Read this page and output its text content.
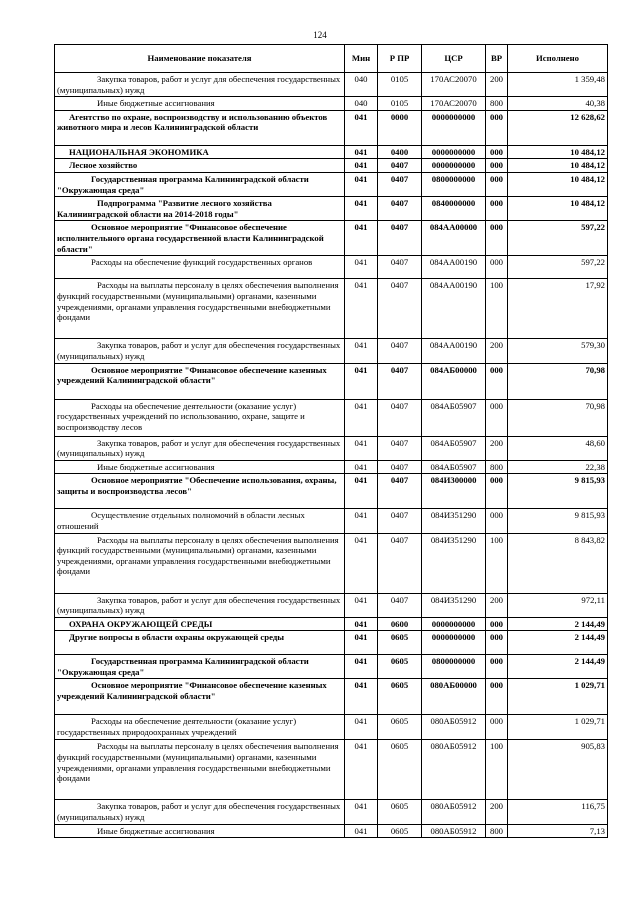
124
Наименование показателя	Мин	Р ПР	ЦСР	ВР	Исполнено
Закупка товаров, работ и услуг для обеспечения государственных (муниципальных) нужд	040	0105	170АС20070	200	1 359,48
Иные бюджетные ассигнования	040	0105	170АС20070	800	40,38
Агентство по охране, воспроизводству и использованию объектов животного мира и лесов Калининградской области	041	0000	0000000000	000	12 628,62
НАЦИОНАЛЬНАЯ ЭКОНОМИКА	041	0400	0000000000	000	10 484,12
Лесное хозяйство	041	0407	0000000000	000	10 484,12
Государственная программа Калининградской области "Окружающая среда"	041	0407	0800000000	000	10 484,12
Подпрограмма "Развитие лесного хозяйства Калининградской области на 2014-2018 годы"	041	0407	0840000000	000	10 484,12
Основное мероприятие "Финансовое обеспечение исполнительного органа государственной власти Калининградской области"	041	0407	084АА00000	000	597,22
Расходы на обеспечение функций государственных органов	041	0407	084АА00190	000	597,22
Расходы на выплаты персоналу в целях обеспечения выполнения функций государственными (муниципальными) органами, казенными учреждениями, органами управления государственными внебюджетными фондами	041	0407	084АА00190	100	17,92
Закупка товаров, работ и услуг для обеспечения государственных (муниципальных) нужд	041	0407	084АА00190	200	579,30
Основное мероприятие "Финансовое обеспечение казенных учреждений Калининградской области"	041	0407	084АБ00000	000	70,98
Расходы на обеспечение деятельности (оказание услуг) государственных учреждений по использованию, охране, защите и воспроизводству лесов	041	0407	084АБ05907	000	70,98
Закупка товаров, работ и услуг для обеспечения государственных (муниципальных) нужд	041	0407	084АБ05907	200	48,60
Иные бюджетные ассигнования	041	0407	084АБ05907	800	22,38
Основное мероприятие "Обеспечение использования, охраны, защиты и воспроизводства лесов"	041	0407	084И300000	000	9 815,93
Осуществление отдельных полномочий в области лесных отношений	041	0407	084И351290	000	9 815,93
Расходы на выплаты персоналу в целях обеспечения выполнения функций государственными (муниципальными) органами, казенными учреждениями, органами управления государственными внебюджетными фондами	041	0407	084И351290	100	8 843,82
Закупка товаров, работ и услуг для обеспечения государственных (муниципальных) нужд	041	0407	084И351290	200	972,11
ОХРАНА ОКРУЖАЮЩЕЙ СРЕДЫ	041	0600	0000000000	000	2 144,49
Другие вопросы в области охраны окружающей среды	041	0605	0000000000	000	2 144,49
Государственная программа Калининградской области "Окружающая среда"	041	0605	0800000000	000	2 144,49
Основное мероприятие "Финансовое обеспечение казенных учреждений Калининградской области"	041	0605	080АБ00000	000	1 029,71
Расходы на обеспечение деятельности (оказание услуг) государственных природоохранных учреждений	041	0605	080АБ05912	000	1 029,71
Расходы на выплаты персоналу в целях обеспечения выполнения функций государственными (муниципальными) органами, казенными учреждениями, органами управления государственными внебюджетными фондами	041	0605	080АБ05912	100	905,83
Закупка товаров, работ и услуг для обеспечения государственных (муниципальных) нужд	041	0605	080АБ05912	200	116,75
Иные бюджетные ассигнования	041	0605	080АБ05912	800	7,13
